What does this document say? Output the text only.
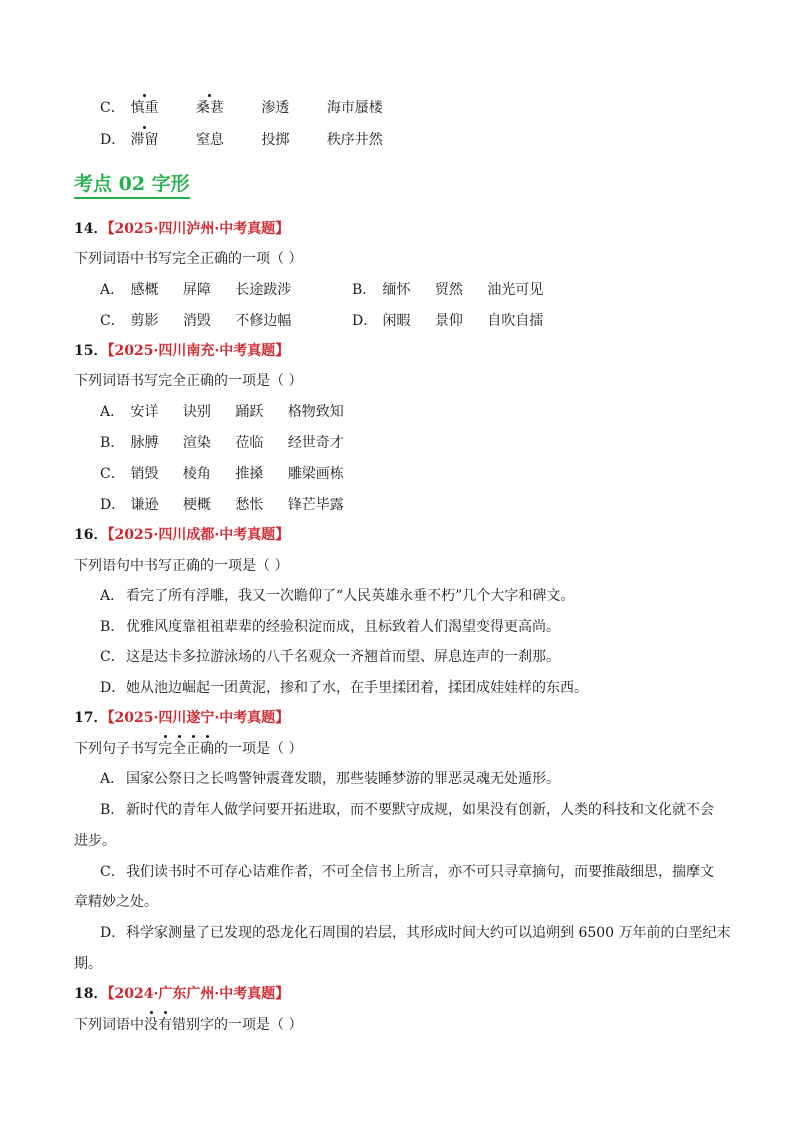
C． 慎重	桑葚	渗透	海市蜃楼
D． 滞留	窒息	投掷	秩序井然
考点 02 字形
14．【2025·四川泸州·中考真题】
下列词语中书写完全正确的一项（ ）
A． 感概 屏障 长途跋涉	B． 缅怀 贸然 油光可见
C． 剪影 消毁 不修边幅	D． 闲暇 景仰 自吹自擂
15．【2025·四川南充·中考真题】
下列词语书写完全正确的一项是（ ）
A． 安详 诀别 踊跃 格物致知
B． 脉膊 渲染 莅临 经世奇才
C． 销毁 棱角 推搡 雕梁画栋
D． 谦逊 梗概 愁怅 锋芒毕露
16．【2025·四川成都·中考真题】
下列语句中书写正确的一项是（ ）
A． 看完了所有浮雕，我又一次瞻仰了“人民英雄永垂不朽”几个大字和碑文。
B． 优雅风度靠祖祖辈辈的经验积淀而成，且标致着人们渴望变得更高尚。
C．这是达卡多拉游泳场的八千名观众一齐翘首而望、屏息连声的一刹那。
D．她从池边崛起一团黄泥，掺和了水，在手里揉团着，揉团成娃娃样的东西。
17．【2025·四川遂宁·中考真题】
下列句子书写完全正确的一项是（ ）
A． 国家公祭日之长鸣警钟震聋发聩，那些装睡梦游的罪恶灵魂无处遁形。
B． 新时代的青年人做学问要开拓进取，而不要默守成规，如果没有创新，人类的科技和文化就不会
进步。
C．我们读书时不可存心诘难作者，不可全信书上所言，亦不可只寻章摘句，而要推敲细思，揣摩文
章精妙之处。
D．科学家测量了已发现的恐龙化石周围的岩层，其形成时间大约可以追朔到 6500 万年前的白垩纪末
期。
18．【2024·广东广州·中考真题】
下列词语中没有错别字的一项是（ ）
